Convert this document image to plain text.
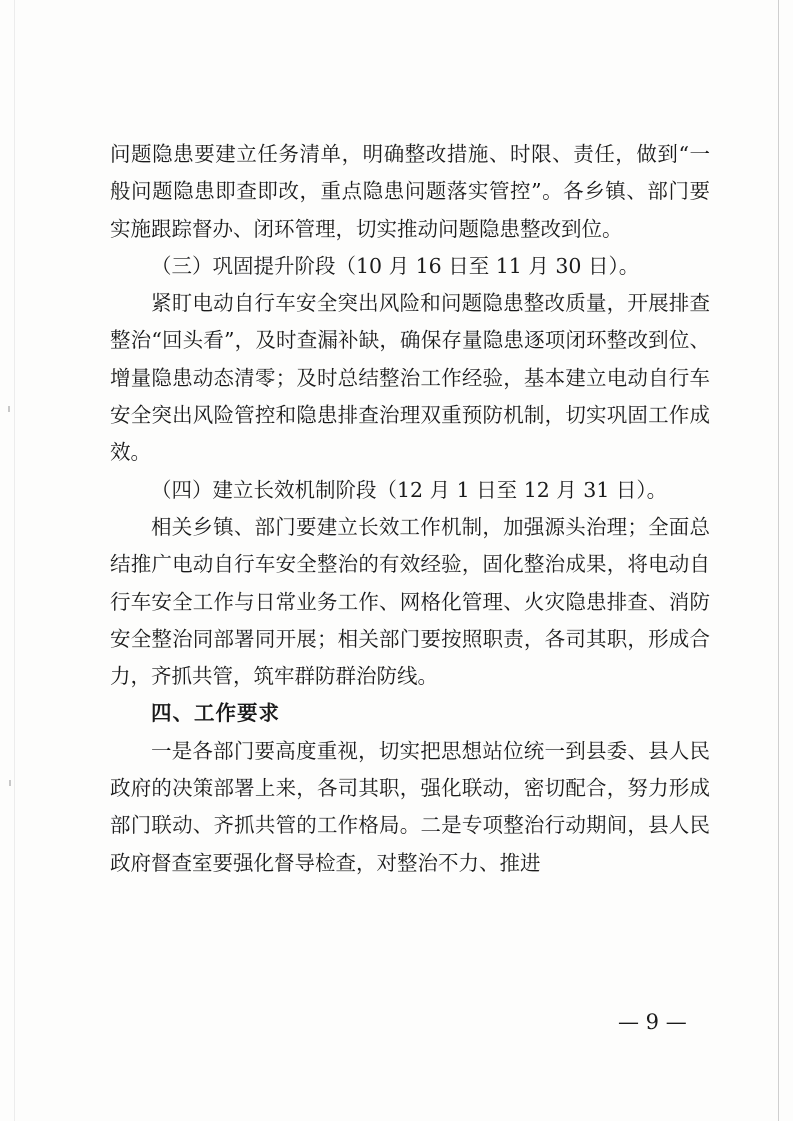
问题隐患要建立任务清单，明确整改措施、时限、责任，做到“一般问题隐患即查即改，重点隐患问题落实管控”。各乡镇、部门要实施跟踪督办、闭环管理，切实推动问题隐患整改到位。

（三）巩固提升阶段（10 月 16 日至 11 月 30 日）。

紧盯电动自行车安全突出风险和问题隐患整改质量，开展排查整治“回头看”，及时查漏补缺，确保存量隐患逐项闭环整改到位、增量隐患动态清零；及时总结整治工作经验，基本建立电动自行车安全突出风险管控和隐患排查治理双重预防机制，切实巩固工作成效。

（四）建立长效机制阶段（12 月 1 日至 12 月 31 日）。

相关乡镇、部门要建立长效工作机制，加强源头治理；全面总结推广电动自行车安全整治的有效经验，固化整治成果，将电动自行车安全工作与日常业务工作、网格化管理、火灾隐患排查、消防安全整治同部署同开展；相关部门要按照职责，各司其职，形成合力，齐抓共管，筑牢群防群治防线。

四、工作要求

一是各部门要高度重视，切实把思想站位统一到县委、县人民政府的决策部署上来，各司其职，强化联动，密切配合，努力形成部门联动、齐抓共管的工作格局。二是专项整治行动期间，县人民政府督查室要强化督导检查，对整治不力、推进

— 9 —
